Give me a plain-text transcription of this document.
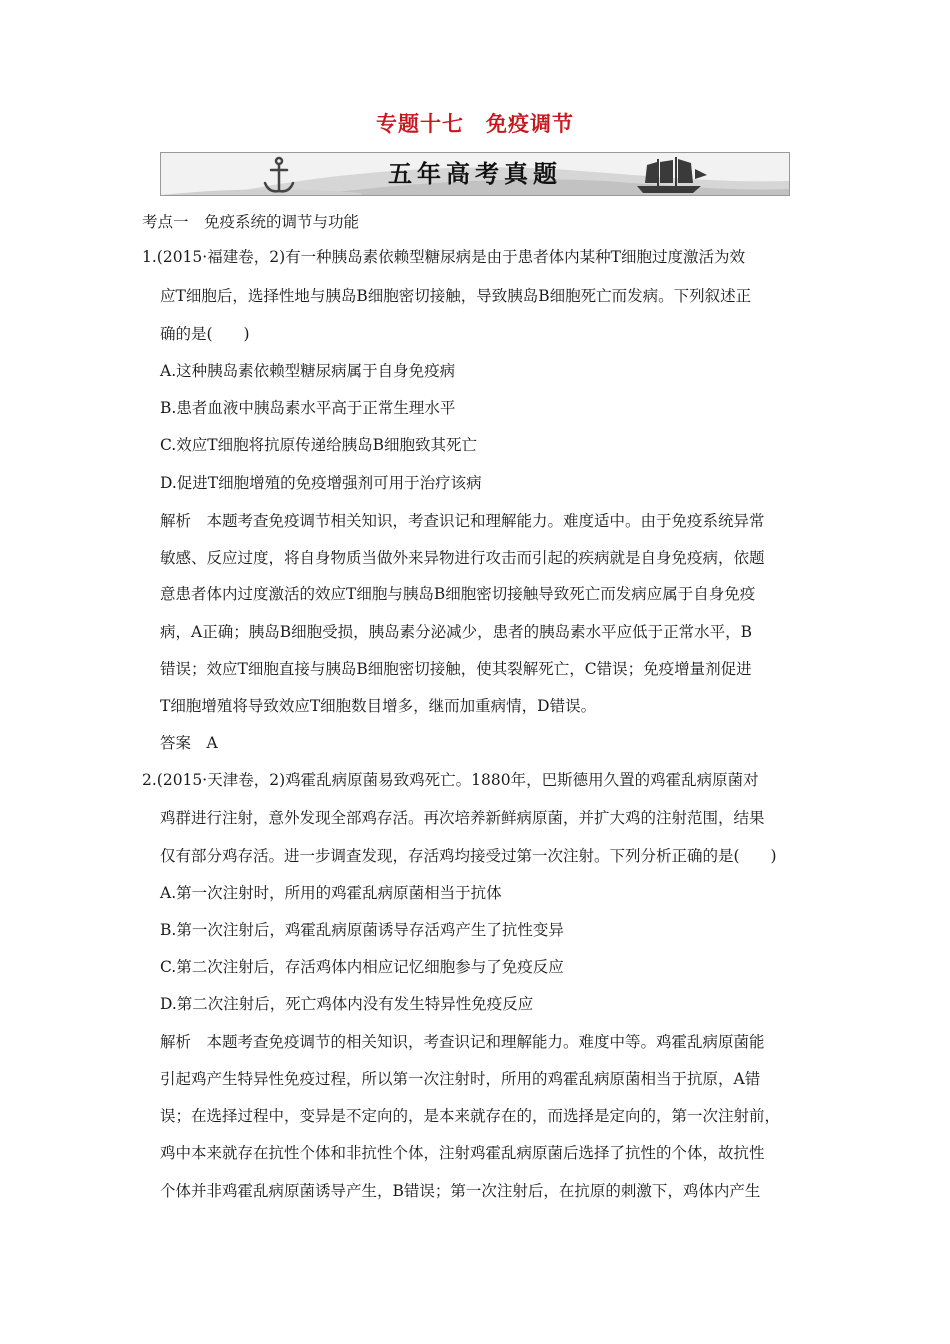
专题十七　免疫调节
五年高考真题
考点一　免疫系统的调节与功能
1.(2015·福建卷，2)有一种胰岛素依赖型糖尿病是由于患者体内某种T细胞过度激活为效
应T细胞后，选择性地与胰岛B细胞密切接触，导致胰岛B细胞死亡而发病。下列叙述正
确的是(　　)
A.这种胰岛素依赖型糖尿病属于自身免疫病
B.患者血液中胰岛素水平高于正常生理水平
C.效应T细胞将抗原传递给胰岛B细胞致其死亡
D.促进T细胞增殖的免疫增强剂可用于治疗该病
解析　本题考查免疫调节相关知识，考查识记和理解能力。难度适中。由于免疫系统异常
敏感、反应过度，将自身物质当做外来异物进行攻击而引起的疾病就是自身免疫病，依题
意患者体内过度激活的效应T细胞与胰岛B细胞密切接触导致死亡而发病应属于自身免疫
病，A正确；胰岛B细胞受损，胰岛素分泌减少，患者的胰岛素水平应低于正常水平，B
错误；效应T细胞直接与胰岛B细胞密切接触，使其裂解死亡，C错误；免疫增量剂促进
T细胞增殖将导致效应T细胞数目增多，继而加重病情，D错误。
答案　A
2.(2015·天津卷，2)鸡霍乱病原菌易致鸡死亡。1880年，巴斯德用久置的鸡霍乱病原菌对
鸡群进行注射，意外发现全部鸡存活。再次培养新鲜病原菌，并扩大鸡的注射范围，结果
仅有部分鸡存活。进一步调查发现，存活鸡均接受过第一次注射。下列分析正确的是(　　)
A.第一次注射时，所用的鸡霍乱病原菌相当于抗体
B.第一次注射后，鸡霍乱病原菌诱导存活鸡产生了抗性变异
C.第二次注射后，存活鸡体内相应记忆细胞参与了免疫反应
D.第二次注射后，死亡鸡体内没有发生特异性免疫反应
解析　本题考查免疫调节的相关知识，考查识记和理解能力。难度中等。鸡霍乱病原菌能
引起鸡产生特异性免疫过程，所以第一次注射时，所用的鸡霍乱病原菌相当于抗原，A错
误；在选择过程中，变异是不定向的，是本来就存在的，而选择是定向的，第一次注射前，
鸡中本来就存在抗性个体和非抗性个体，注射鸡霍乱病原菌后选择了抗性的个体，故抗性
个体并非鸡霍乱病原菌诱导产生，B错误；第一次注射后，在抗原的刺激下，鸡体内产生
